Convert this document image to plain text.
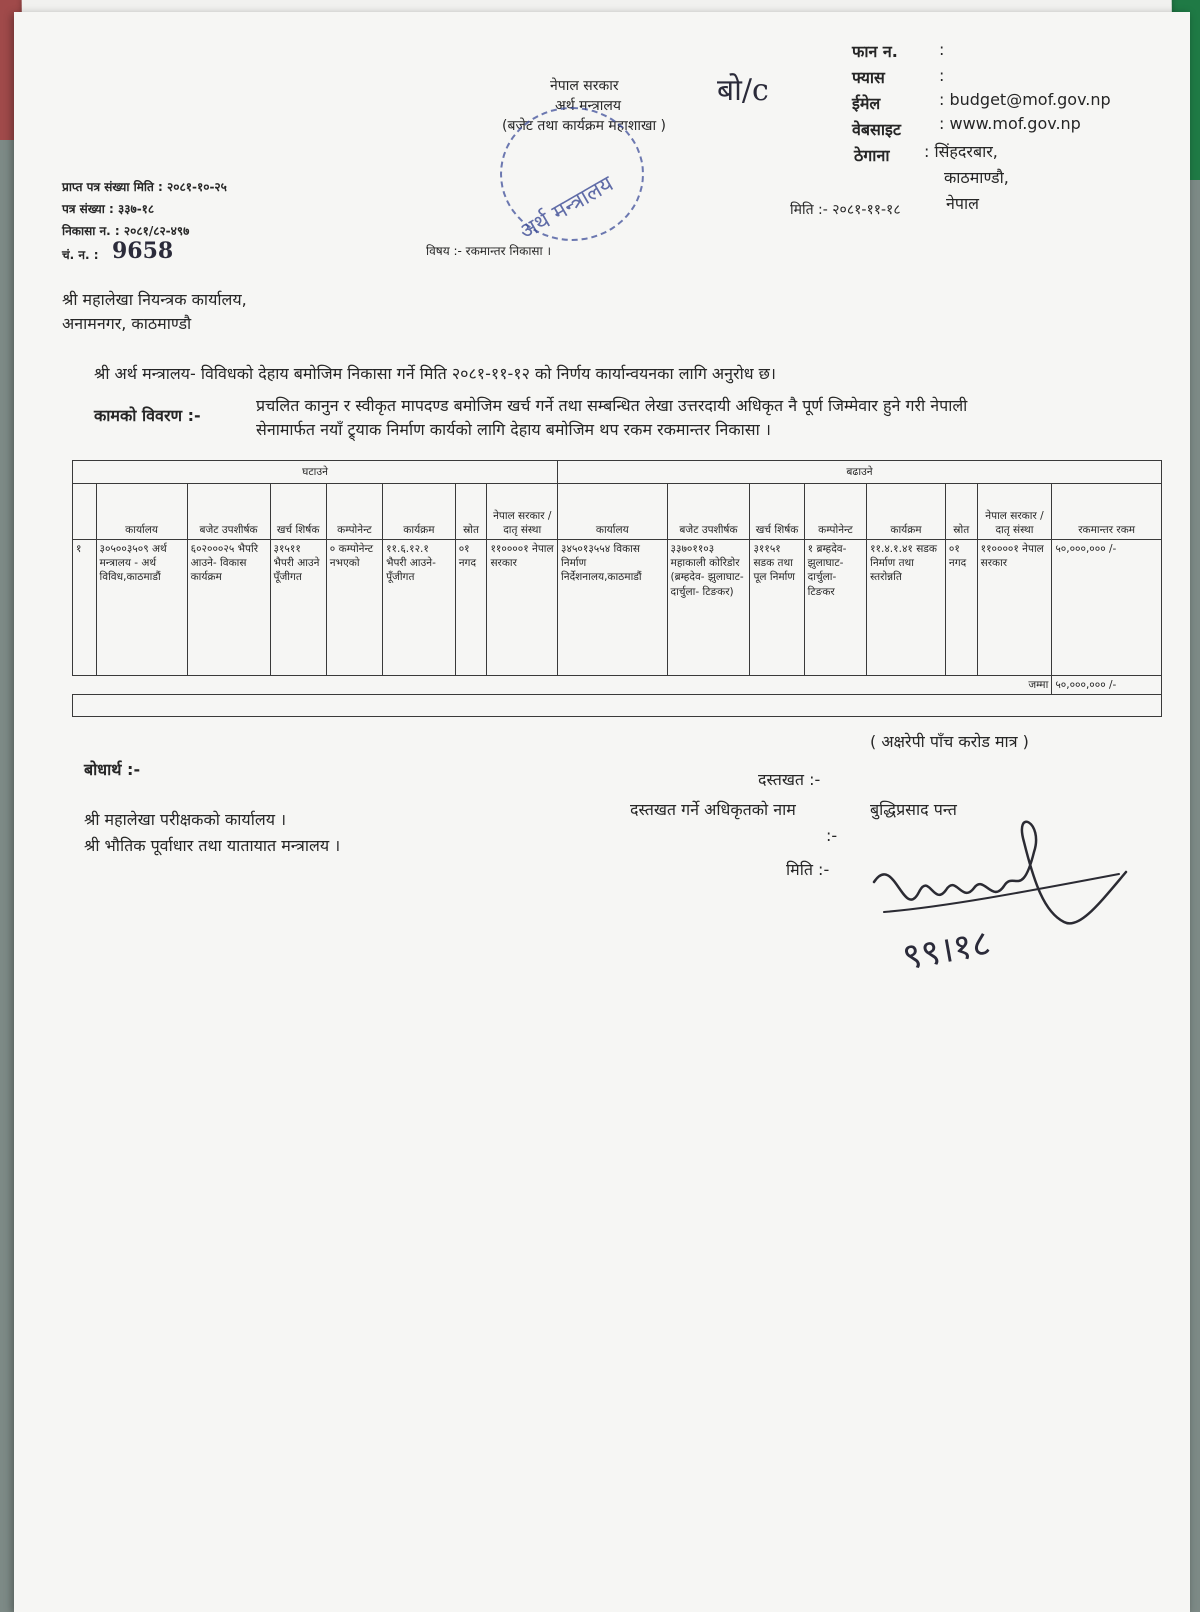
फान न.	:
फ्यास	:
ईमेल	: budget@mof.gov.np
वेबसाइट : www.mof.gov.np
ठेगाना : सिंहदरबार,
काठमाण्डौ,
नेपाल
बो/c
नेपाल सरकार
अर्थ मन्त्रालय
(बजेट तथा कार्यक्रम महाशाखा )
अर्थ मन्त्रालय
प्राप्त पत्र संख्या मिति : २०८१-१०-२५
पत्र संख्या : ३३७-१८
निकासा न. : २०८१/८२-४९७
चं. न. : 9658
मिति :- २०८१-११-१८
विषय :- रकमान्तर निकासा ।
श्री महालेखा नियन्त्रक कार्यालय,
अनामनगर, काठमाण्डौ
श्री अर्थ मन्त्रालय- विविधको देहाय बमोजिम निकासा गर्ने मिति २०८१-११-१२ को निर्णय कार्यान्वयनका लागि अनुरोध छ।
कामको विवरण :-
प्रचलित कानुन र स्वीकृत मापदण्ड बमोजिम खर्च गर्ने तथा सम्बन्धित लेखा उत्तरदायी अधिकृत नै पूर्ण जिम्मेवार हुने गरी नेपाली
सेनामार्फत नयाँ ट्र्याक निर्माण कार्यको लागि देहाय बमोजिम थप रकम रकमान्तर निकासा ।
घटाउने								बढाउने							
	कार्यालय	बजेट उपशीर्षक	खर्च शिर्षक	कम्पोनेन्ट	कार्यक्रम	स्रोत	नेपाल सरकार / दातृ संस्था	कार्यालय	बजेट उपशीर्षक	खर्च शिर्षक	कम्पोनेन्ट	कार्यक्रम	स्रोत	नेपाल सरकार / दातृ संस्था	रकमान्तर रकम
१	३०५००३५०९ अर्थ मन्त्रालय - अर्थ विविध,काठमाडौं	६०२०००२५ भैपरि आउने- विकास कार्यक्रम	३१५११ भैपरी आउने पूँजीगत	० कम्पोनेन्ट नभएको	११.६.१२.१ भैपरी आउने- पूँजीगत	०१ नगद	११००००१ नेपाल सरकार	३४५०१३५५४ विकास निर्माण निर्देशनालय,काठमाडौं	३३७०११०३ महाकाली कोरिडोर (ब्रम्हदेव- झुलाघाट- दार्चुला- टिङकर)	३११५१ सडक तथा पूल निर्माण	१ ब्रम्हदेव- झुलाघाट- दार्चुला- टिङकर	११.४.१.४१ सडक निर्माण तथा स्तरोन्नति	०१ नगद	११००००१ नेपाल सरकार	५०,०००,००० /-
जम्मा															५०,०००,००० /-

( अक्षरेपी पाँच करोड मात्र )
बोधार्थ :-
श्री महालेखा परीक्षकको कार्यालय ।
श्री भौतिक पूर्वाधार तथा यातायात मन्त्रालय ।
दस्तखत :-
दस्तखत गर्ने अधिकृतको नाम	बुद्धिप्रसाद पन्त
:-
मिति :-
९९।१८
